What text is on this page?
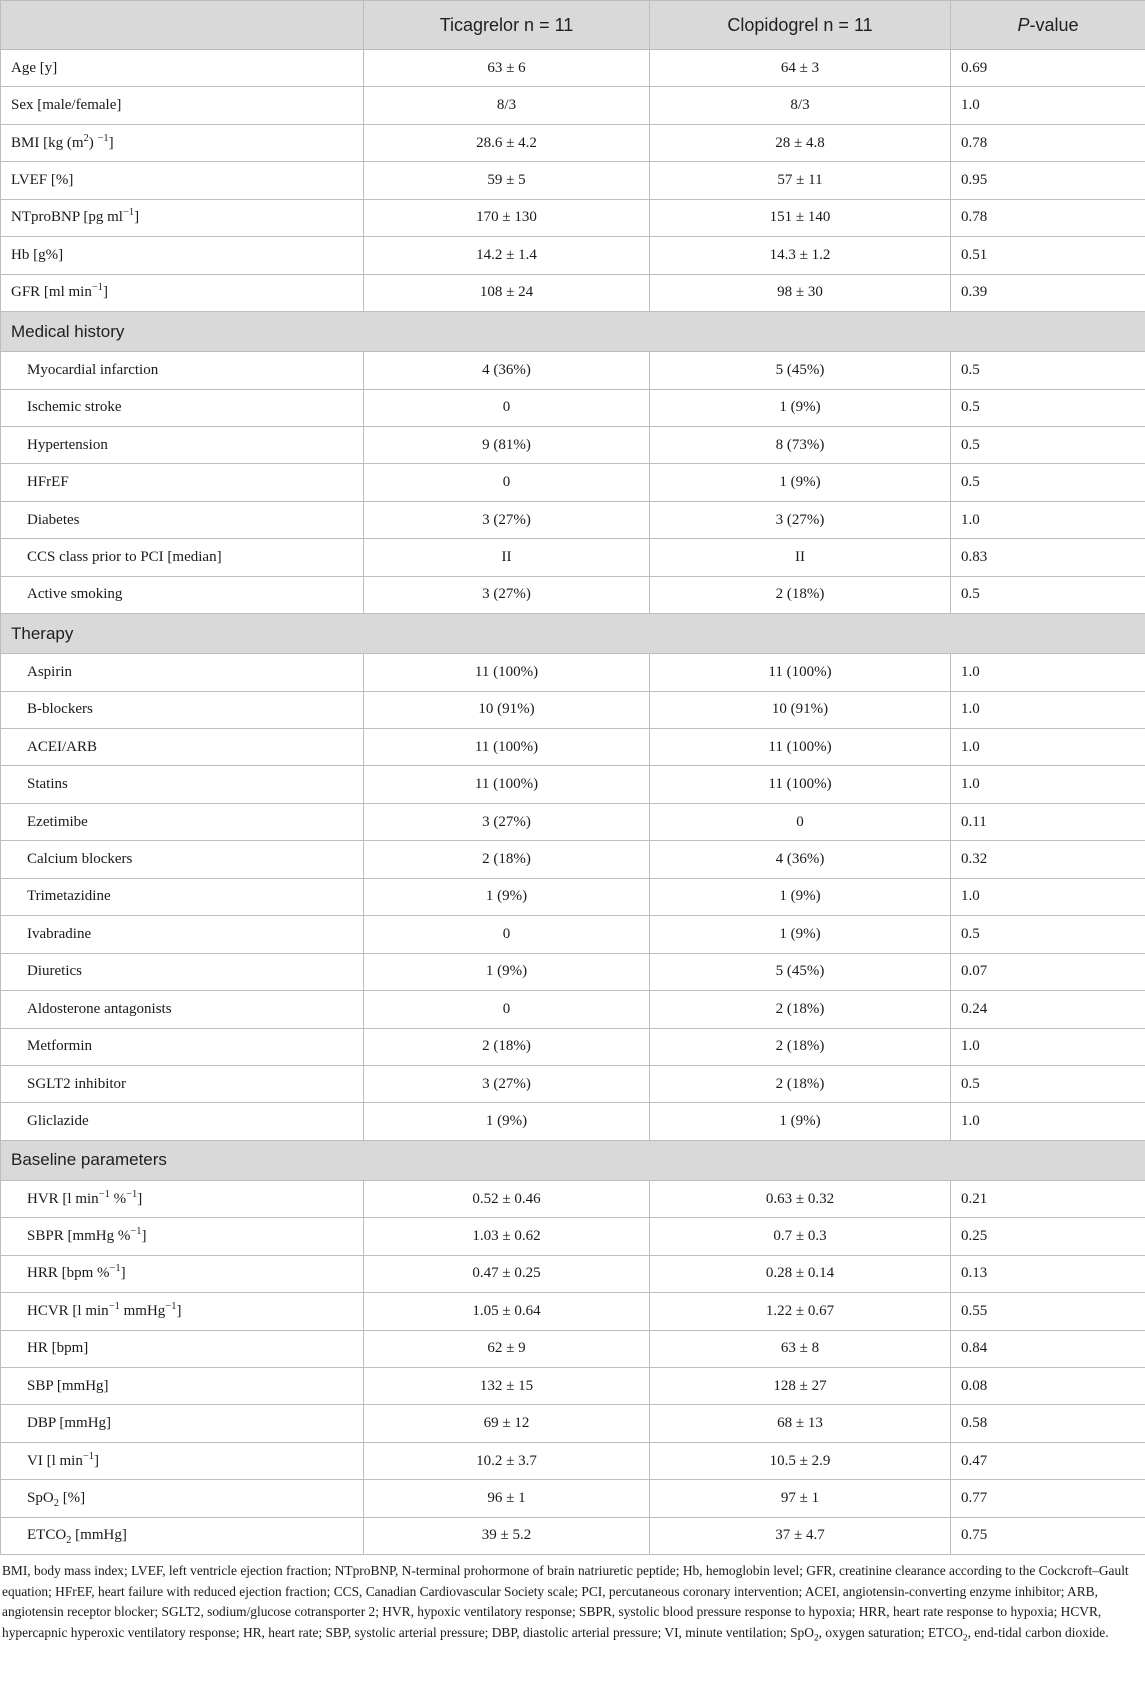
	Ticagrelor n = 11	Clopidogrel n = 11	P-value
Age [y]	63 ± 6	64 ± 3	0.69
Sex [male/female]	8/3	8/3	1.0
BMI [kg $(m^2)$ $^{-1}$]	28.6 ± 4.2	28 ± 4.8	0.78
LVEF [%]	59 ± 5	57 ± 11	0.95
NTproBNP [pg $ml^{-1}$]	170 ± 130	151 ± 140	0.78
Hb [g%]	14.2 ± 1.4	14.3 ± 1.2	0.51
GFR [ml $\min^{-1}$]	108 ± 24	98 ± 30	0.39
Medical history			
Myocardial infarction	4 (36%)	5 (45%)	0.5
Ischemic stroke	0	1 (9%)	0.5
Hypertension	9 (81%)	8 (73%)	0.5
HFrEF	0	1 (9%)	0.5
Diabetes	3 (27%)	3 (27%)	1.0
CCS class prior to PCI [median]	II	II	0.83
Active smoking	3 (27%)	2 (18%)	0.5
Therapy			
Aspirin	11 (100%)	11 (100%)	1.0
B-blockers	10 (91%)	10 (91%)	1.0
ACEI/ARB	11 (100%)	11 (100%)	1.0
Statins	11 (100%)	11 (100%)	1.0
Ezetimibe	3 (27%)	0	0.11
Calcium blockers	2 (18%)	4 (36%)	0.32
Trimetazidine	1 (9%)	1 (9%)	1.0
Ivabradine	0	1 (9%)	0.5
Diuretics	1 (9%)	5 (45%)	0.07
Aldosterone antagonists	0	2 (18%)	0.24
Metformin	2 (18%)	2 (18%)	1.0
SGLT2 inhibitor	3 (27%)	2 (18%)	0.5
Gliclazide	1 (9%)	1 (9%)	1.0
Baseline parameters			
HVR [l $\min^{-1} \%^{-1}$]	0.52 ± 0.46	0.63 ± 0.32	0.21
SBPR [mmHg %$^{-1}$]	1.03 ± 0.62	0.7 ± 0.3	0.25
HRR [bpm %$^{-1}$]	0.47 ± 0.25	0.28 ± 0.14	0.13
HCVR [l $\min^{-1}$ mmHg$^{-1}$]	1.05 ± 0.64	1.22 ± 0.67	0.55
HR [bpm]	62 ± 9	63 ± 8	0.84
SBP [mmHg]	132 ± 15	128 ± 27	0.08
DBP [mmHg]	69 ± 12	68 ± 13	0.58
VI [l $\min^{-1}$]	10.2 ± 3.7	10.5 ± 2.9	0.47
SpO$_2$ [%]	96 ± 1	97 ± 1	0.77
$ETCO_2$ [mmHg]	39 ± 5.2	37 ± 4.7	0.75

BMI, body mass index; LVEF, left ventricle ejection fraction; NTproBNP, N-terminal prohormone of brain natriuretic peptide; Hb, hemoglobin level; GFR, creatinine clearance according to the Cockcroft–Gault equation; HFrEF, heart failure with reduced ejection fraction; CCS, Canadian Cardiovascular Society scale; PCI, percutaneous coronary intervention; ACEI, angiotensin-converting enzyme inhibitor; ARB, angiotensin receptor blocker; SGLT2, sodium/glucose cotransporter 2; HVR, hypoxic ventilatory response; SBPR, systolic blood pressure response to hypoxia; HRR, heart rate response to hypoxia; HCVR, hypercapnic hyperoxic ventilatory response; HR, heart rate; SBP, systolic arterial pressure; DBP, diastolic arterial pressure; VI, minute ventilation; SpO$_2$, oxygen saturation; $ETCO_2$, end-tidal carbon dioxide.
